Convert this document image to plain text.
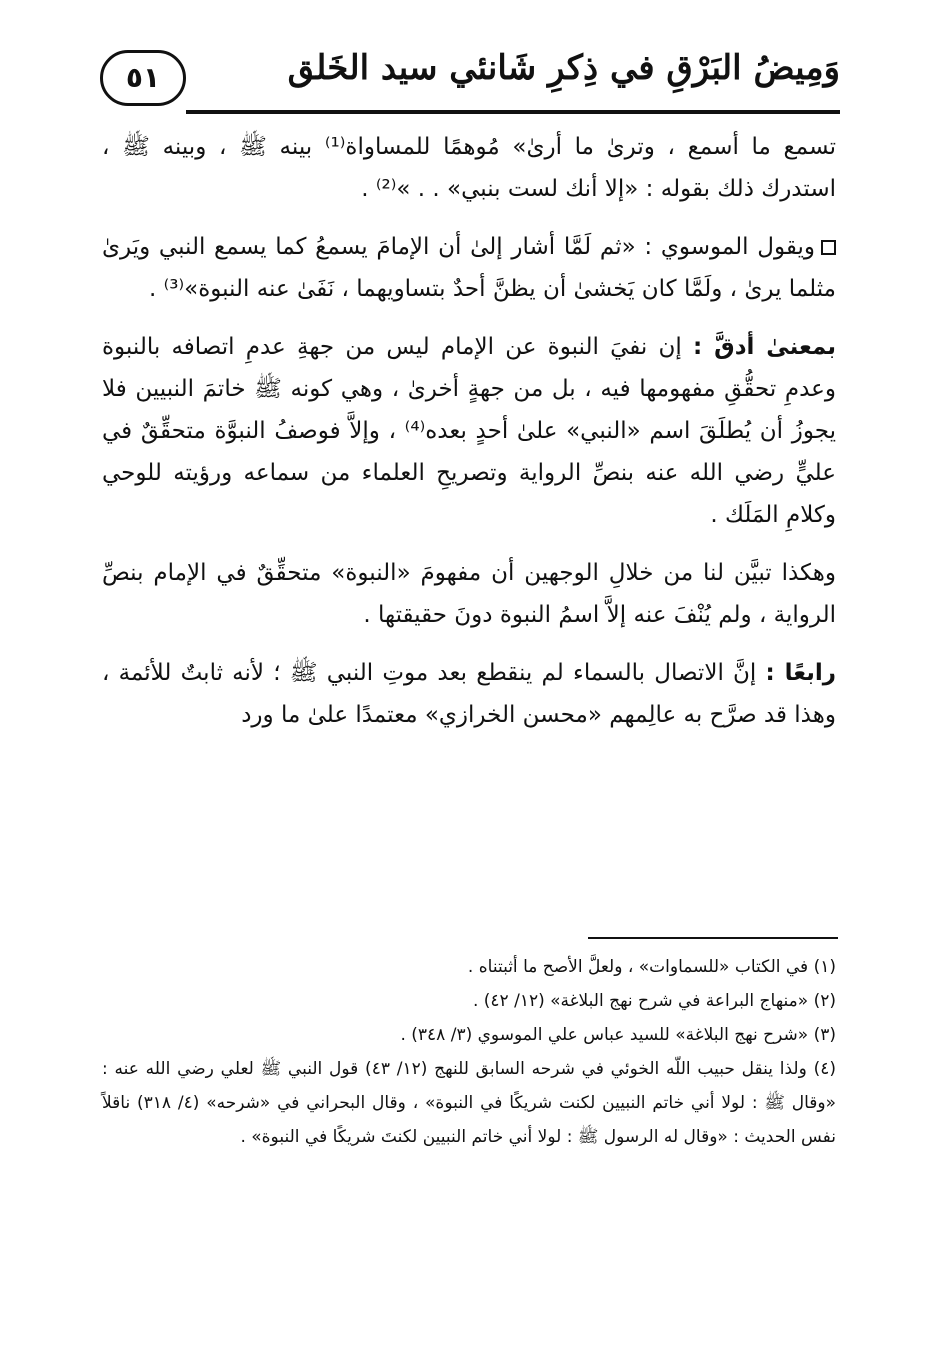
وَمِيضُ البَرْقِ في ذِكرِ شَانئي سيد الخَلق
٥١

تسمع ما أسمع ، وترىٰ ما أرىٰ» مُوهمًا للمساواة⁽¹⁾ بينه ﷺ ، وبينه ﷺ ، استدرك ذلك بقوله : «إلا أنك لست بنبي» . . »⁽²⁾ .

ويقول الموسوي : «ثم لَمَّا أشار إلىٰ أن الإمامَ يسمعُ كما يسمع النبي ويَرىٰ مثلما يرىٰ ، ولَمَّا كان يَخشىٰ أن يظنَّ أحدٌ بتساويهما ، نَفَىٰ عنه النبوة»⁽³⁾ .

بمعنىٰ أدقَّ : إن نفيَ النبوة عن الإمام ليس من جهةِ عدمِ اتصافه بالنبوة وعدمِ تحقُّقِ مفهومها فيه ، بل من جهةٍ أخرىٰ ، وهي كونه ﷺ خاتمَ النبيين فلا يجوزُ أن يُطلَقَ اسم «النبي» علىٰ أحدٍ بعده⁽⁴⁾ ، وإلاَّ فوصفُ النبوَّة متحقِّقٌ في عليٍّ رضي الله عنه بنصِّ الرواية وتصريحِ العلماء من سماعه ورؤيته للوحي وكلامِ المَلَك .

وهكذا تبيَّن لنا من خلالِ الوجهين أن مفهومَ «النبوة» متحقِّقٌ في الإمام بنصِّ الرواية ، ولم يُنْفَ عنه إلاَّ اسمُ النبوة دونَ حقيقتها .

رابعًا : إنَّ الاتصال بالسماء لم ينقطع بعد موتِ النبي ﷺ ؛ لأنه ثابتٌ للأئمة ، وهذا قد صرَّح به عالِمهم «محسن الخرازي» معتمدًا علىٰ ما ورد

(١) في الكتاب «للسماوات» ، ولعلَّ الأصح ما أثبتناه .

(٢) «منهاج البراعة في شرح نهج البلاغة» (١٢/ ٤٢) .

(٣) «شرح نهج البلاغة» للسيد عباس علي الموسوي (٣/ ٣٤٨) .

(٤) ولذا ينقل حبيب اللّه الخوئي في شرحه السابق للنهج (١٢/ ٤٣) قول النبي ﷺ لعلي رضي الله عنه : «وقال ﷺ : لولا أني خاتم النبيين لكنت شريكًا في النبوة» ، وقال البحراني في «شرحه» (٤/ ٣١٨) ناقلاً نفس الحديث : «وقال له الرسول ﷺ : لولا أني خاتم النبيين لكنتَ شريكًا في النبوة» .
